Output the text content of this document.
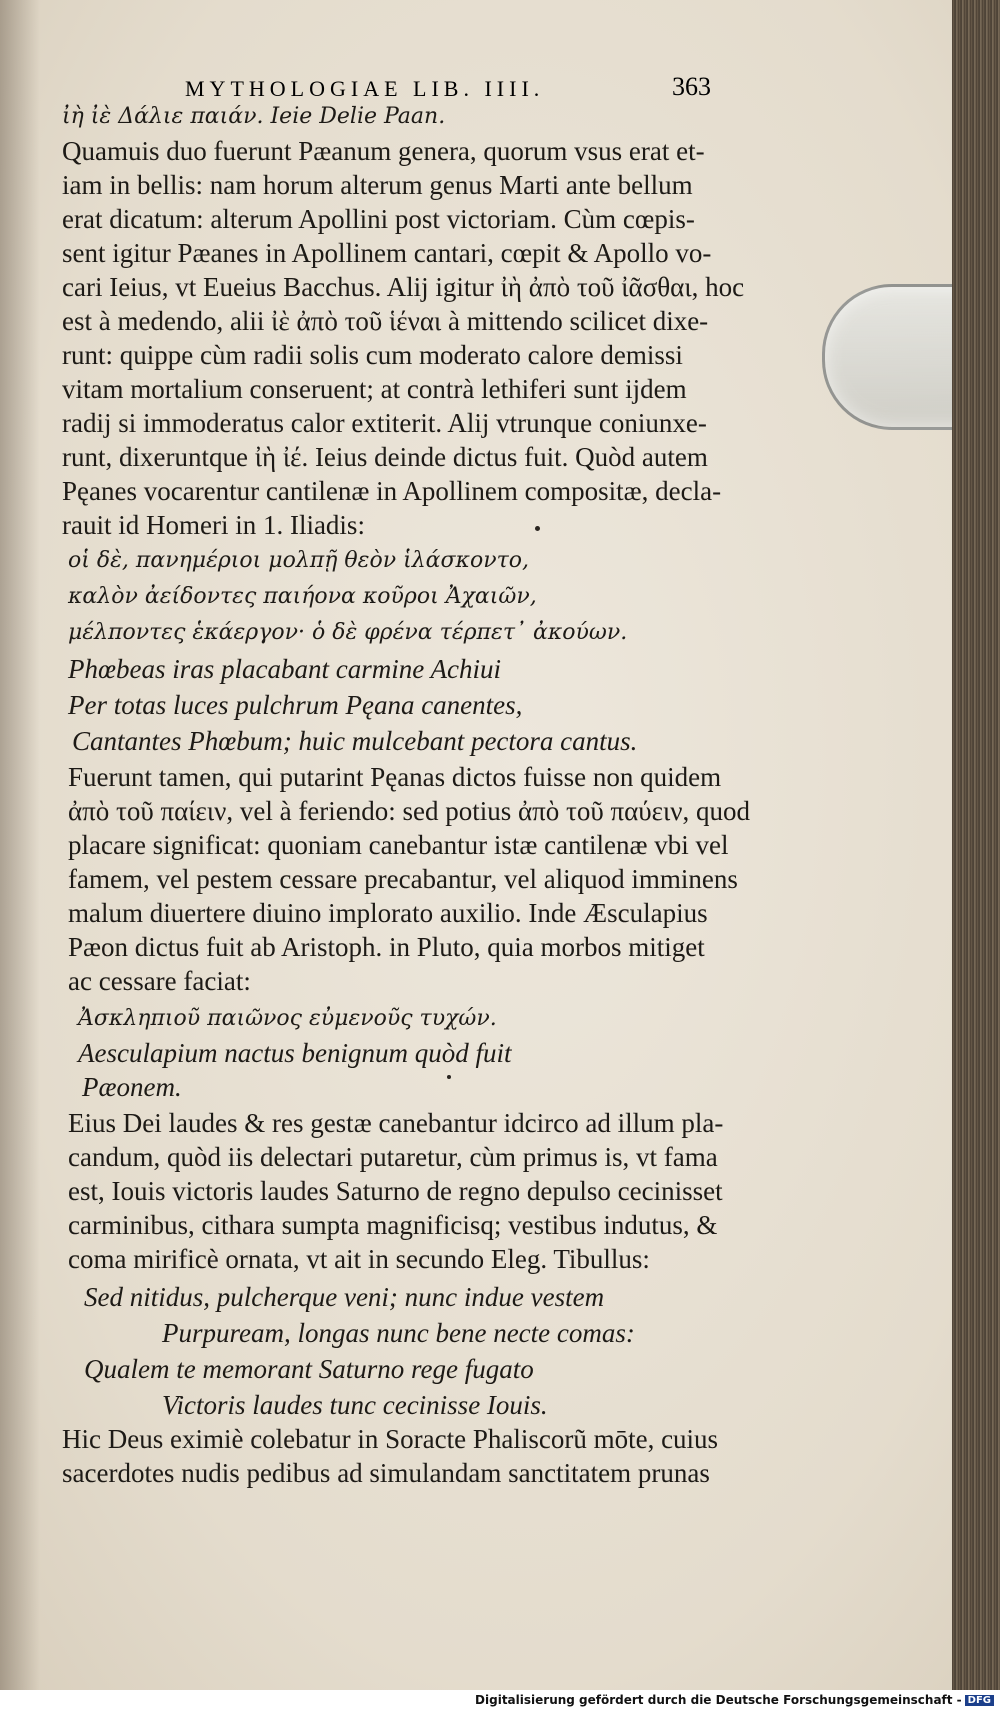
MYTHOLOGIAE LIB. IIII.	363
ἰὴ ἰὲ Δάλιε παιάν. Ieie Delie Paan.
Quamuis duo fuerunt Pæanum genera, quorum vsus erat et-
iam in bellis: nam horum alterum genus Marti ante bellum
erat dicatum: alterum Apollini post victoriam. Cùm cœpis-
sent igitur Pæanes in Apollinem cantari, cœpit & Apollo vo-
cari Ieius, vt Eueius Bacchus. Alij igitur ἰὴ ἀπὸ τοῦ ἰᾶσθαι, hoc
est à medendo, alii ἰὲ ἀπὸ τοῦ ἱέναι à mittendo scilicet dixe-
runt: quippe cùm radii solis cum moderato calore demissi
vitam mortalium conseruent; at contrà lethiferi sunt ijdem
radij si immoderatus calor extiterit. Alij vtrunque coniunxe-
runt, dixeruntque ἰὴ ἰέ. Ieius deinde dictus fuit. Quòd autem
Pęanes vocarentur cantilenæ in Apollinem compositæ, decla-
rauit id Homeri in 1. Iliadis:
οἱ δὲ, πανημέριοι μολπῇ θεὸν ἱλάσκοντο,
καλὸν ἀείδοντες παιήονα κοῦροι Ἀχαιῶν,
μέλποντες ἑκάεργον· ὁ δὲ φρένα τέρπετ᾽ ἀκούων.
Phœbeas iras placabant carmine Achiui
Per totas luces pulchrum Pęana canentes,
Cantantes Phœbum; huic mulcebant pectora cantus.
Fuerunt tamen, qui putarint Pęanas dictos fuisse non quidem
ἀπὸ τοῦ παίειν, vel à feriendo: sed potius ἀπὸ τοῦ παύειν, quod
placare significat: quoniam canebantur istæ cantilenæ vbi vel
famem, vel pestem cessare precabantur, vel aliquod imminens
malum diuertere diuino implorato auxilio. Inde Æsculapius
Pæon dictus fuit ab Aristoph. in Pluto, quia morbos mitiget
ac cessare faciat:
Ἀσκληπιοῦ παιῶνος εὐμενοῦς τυχών.
Aesculapium nactus benignum quòd fuit
Pæonem.
Eius Dei laudes & res gestæ canebantur idcirco ad illum pla-
candum, quòd iis delectari putaretur, cùm primus is, vt fama
est, Iouis victoris laudes Saturno de regno depulso cecinisset
carminibus, cithara sumpta magnificisq; vestibus indutus, &
coma mirificè ornata, vt ait in secundo Eleg. Tibullus:
Sed nitidus, pulcherque veni; nunc indue vestem
Purpuream, longas nunc bene necte comas:
Qualem te memorant Saturno rege fugato
Victoris laudes tunc cecinisse Iouis.
Hic Deus eximiè colebatur in Soracte Phaliscorũ mōte, cuius
sacerdotes nudis pedibus ad simulandam sanctitatem prunas
Digitalisierung gefördert durch die Deutsche Forschungsgemeinschaft - DFG
